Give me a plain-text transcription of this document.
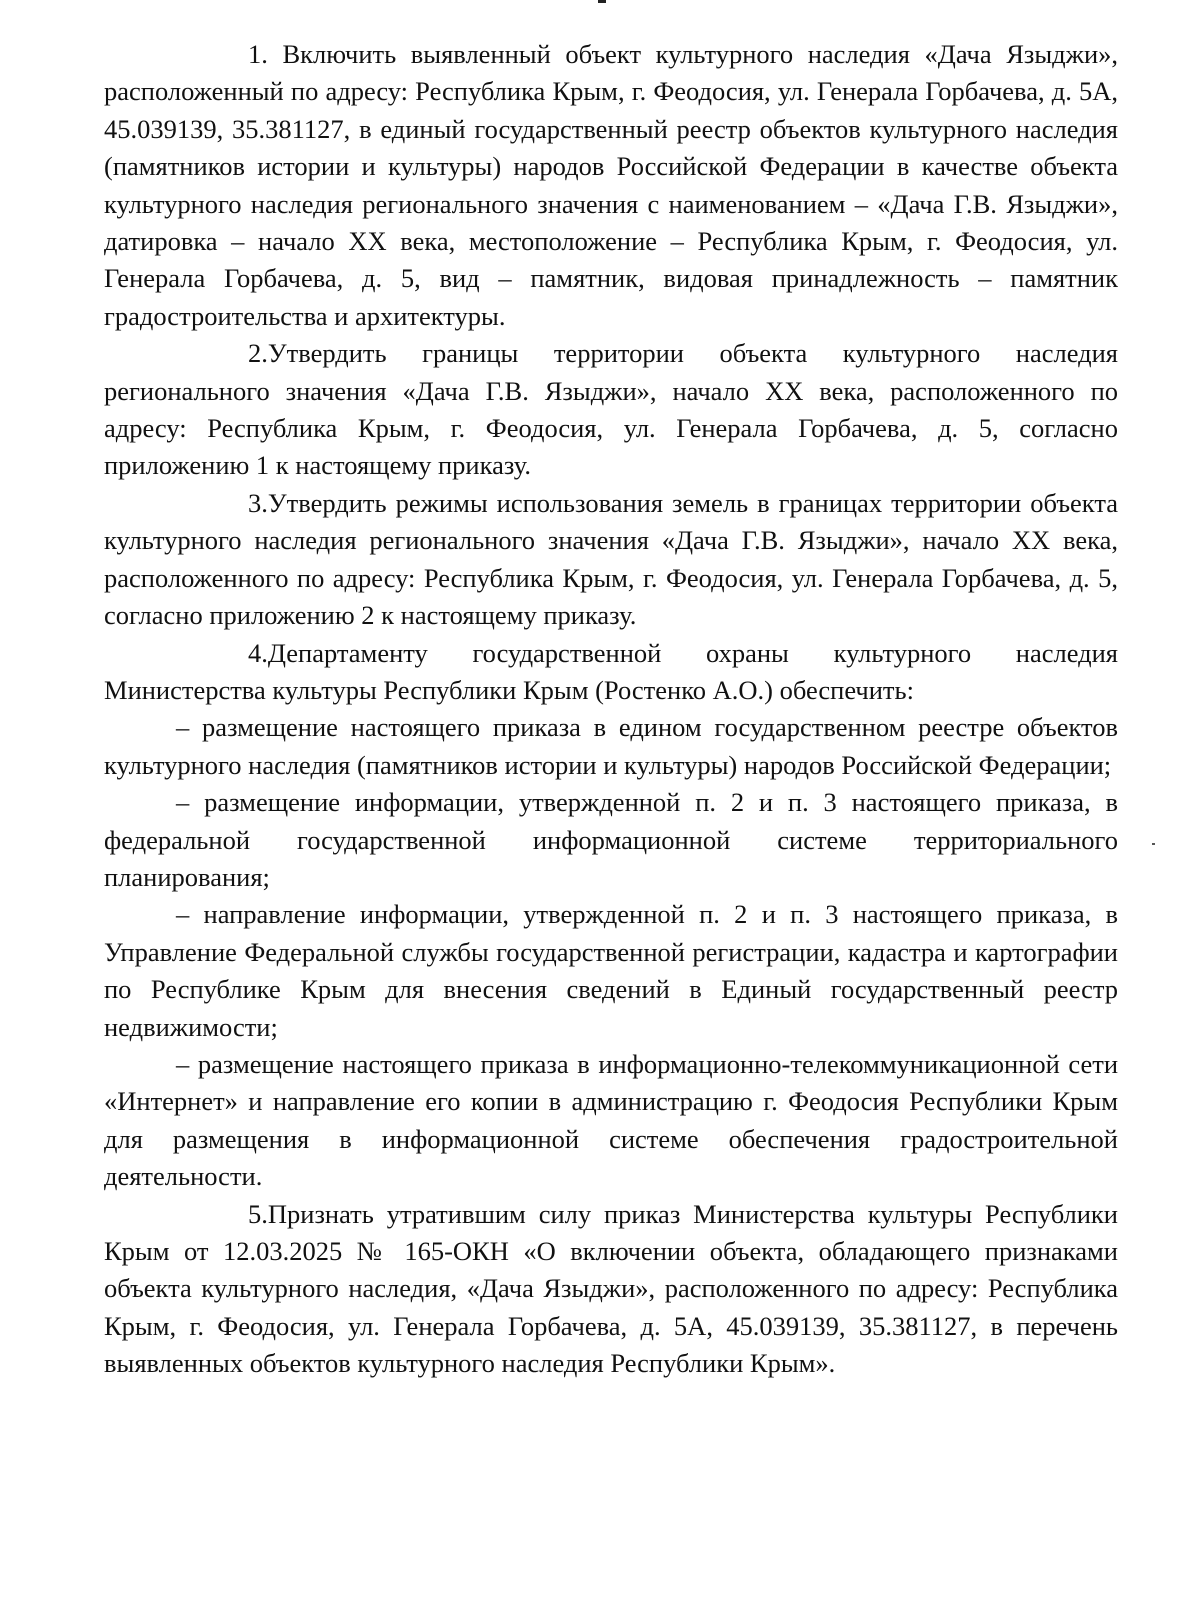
1. Включить выявленный объект культурного наследия «Дача Языджи», расположенный по адресу: Республика Крым, г. Феодосия, ул. Генерала Горбачева, д. 5А, 45.039139, 35.381127, в единый государственный реестр объектов культурного наследия (памятников истории и культуры) народов Российской Федерации в качестве объекта культурного наследия регионального значения с наименованием – «Дача Г.В. Языджи», датировка – начало XX века, местоположение – Республика Крым, г. Феодосия, ул. Генерала Горбачева, д. 5, вид – памятник, видовая принадлежность – памятник градостроительства и архитектуры.

2.Утвердить границы территории объекта культурного наследия регионального значения «Дача Г.В. Языджи», начало XX века, расположенного по адресу: Республика Крым, г. Феодосия, ул. Генерала Горбачева, д. 5, согласно приложению 1 к настоящему приказу.

3.Утвердить режимы использования земель в границах территории объекта культурного наследия регионального значения «Дача Г.В. Языджи», начало XX века, расположенного по адресу: Республика Крым, г. Феодосия, ул. Генерала Горбачева, д. 5, согласно приложению 2 к настоящему приказу.

4.Департаменту государственной охраны культурного наследия Министерства культуры Республики Крым (Ростенко А.О.) обеспечить:

– размещение настоящего приказа в едином государственном реестре объектов культурного наследия (памятников истории и культуры) народов Российской Федерации;

– размещение информации, утвержденной п. 2 и п. 3 настоящего приказа, в федеральной государственной информационной системе территориального планирования;

– направление информации, утвержденной п. 2 и п. 3 настоящего приказа, в Управление Федеральной службы государственной регистрации, кадастра и картографии по Республике Крым для внесения сведений в Единый государственный реестр недвижимости;

– размещение настоящего приказа в информационно-телекоммуникационной сети «Интернет» и направление его копии в администрацию г. Феодосия Республики Крым для размещения в информационной системе обеспечения градостроительной деятельности.

5.Признать утратившим силу приказ Министерства культуры Республики Крым от 12.03.2025 № 165-ОКН «О включении объекта, обладающего признаками объекта культурного наследия, «Дача Языджи», расположенного по адресу: Республика Крым, г. Феодосия, ул. Генерала Горбачева, д. 5А, 45.039139, 35.381127, в перечень выявленных объектов культурного наследия Республики Крым».
